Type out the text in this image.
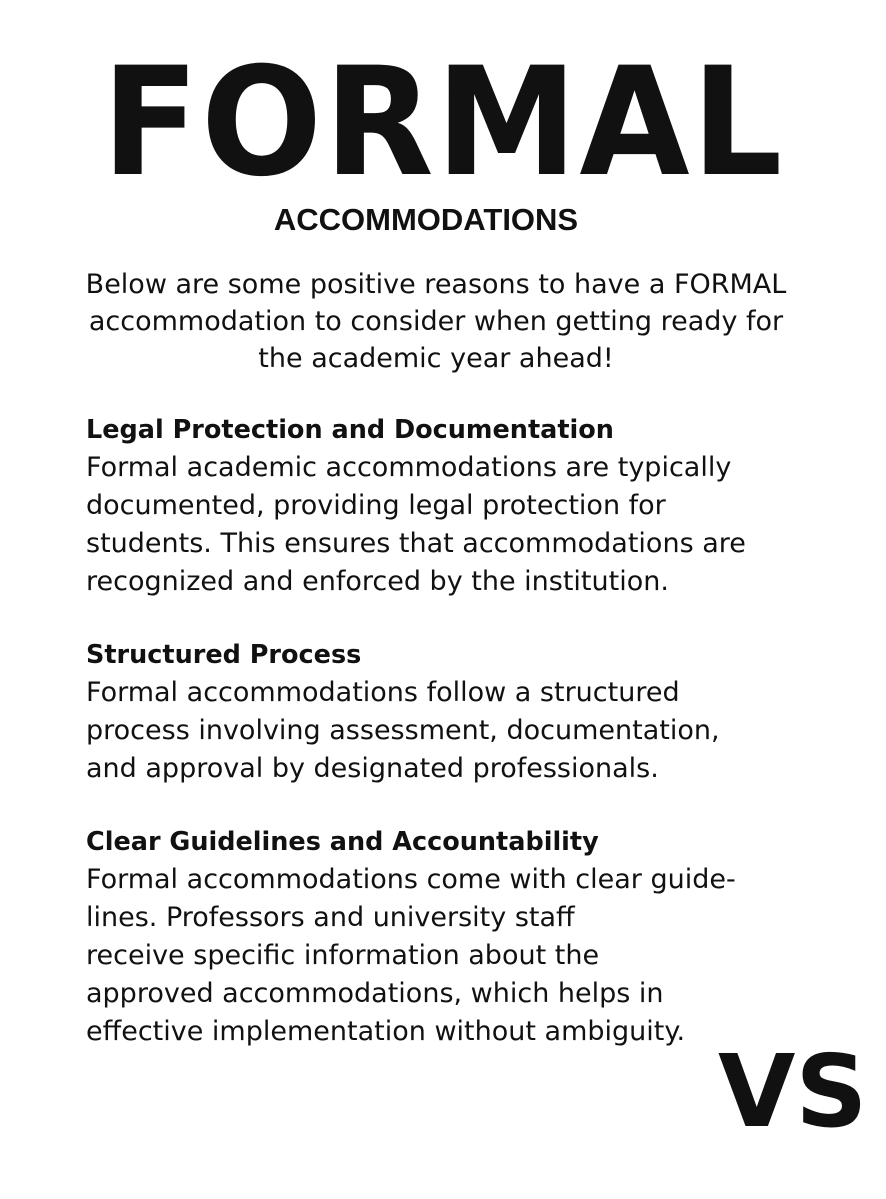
FORMAL
ACCOMMODATIONS
Below are some positive reasons to have a FORMAL
accommodation to consider when getting ready for
the academic year ahead!
Legal Protection and Documentation

Formal academic accommodations are typically
documented, providing legal protection for
students. This ensures that accommodations are
recognized and enforced by the institution.

Structured Process

Formal accommodations follow a structured
process involving assessment, documentation,
and approval by designated professionals.

Clear Guidelines and Accountability

Formal accommodations come with clear guide-
lines. Professors and university staff
receive specific information about the
approved accommodations, which helps in
effective implementation without ambiguity.

VS
